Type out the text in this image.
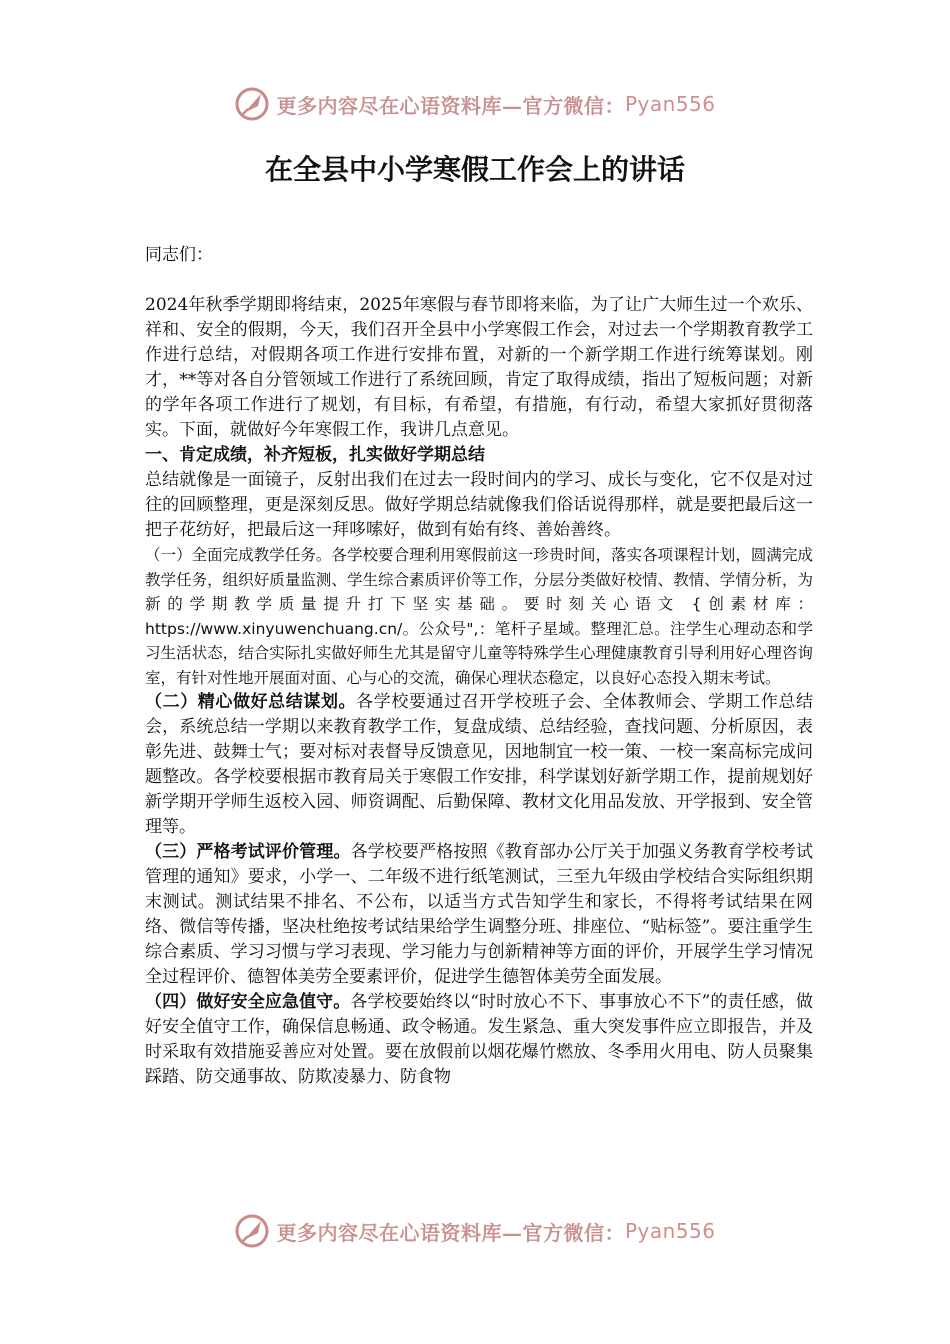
更多内容尽在心语资料库—官方微信： Pyan556
在全县中小学寒假工作会上的讲话

同志们：

2024年秋季学期即将结束，2025年寒假与春节即将来临，为了让广大师生过一个欢乐、祥和、安全的假期，今天，我们召开全县中小学寒假工作会，对过去一个学期教育教学工作进行总结，对假期各项工作进行安排布置，对新的一个新学期工作进行统筹谋划。刚才，**等对各自分管领域工作进行了系统回顾，肯定了取得成绩，指出了短板问题；对新的学年各项工作进行了规划，有目标，有希望，有措施，有行动，希望大家抓好贯彻落实。下面，就做好今年寒假工作，我讲几点意见。

一、肯定成绩，补齐短板，扎实做好学期总结

总结就像是一面镜子，反射出我们在过去一段时间内的学习、成长与变化，它不仅是对过往的回顾整理，更是深刻反思。做好学期总结就像我们俗话说得那样，就是要把最后这一把子花纺好，把最后这一拜哆嗦好，做到有始有终、善始善终。

（一）全面完成教学任务。各学校要合理利用寒假前这一珍贵时间，落实各项课程计划，圆满完成教学任务，组织好质量监测、学生综合素质评价等工作，分层分类做好校情、教情、学情分析，为新的学期教学质量提升打下坚实基础。要时刻关心语文 {创素材库：https://www.xinyuwenchuang.cn/。公众号",：笔杆子星域。整理汇总。注学生心理动态和学习生活状态，结合实际扎实做好师生尤其是留守儿童等特殊学生心理健康教育引导利用好心理咨询室，有针对性地开展面对面、心与心的交流，确保心理状态稳定，以良好心态投入期末考试。

（二）精心做好总结谋划。各学校要通过召开学校班子会、全体教师会、学期工作总结会，系统总结一学期以来教育教学工作，复盘成绩、总结经验，查找问题、分析原因，表彰先进、鼓舞士气；要对标对表督导反馈意见，因地制宜一校一策、一校一案高标完成问题整改。各学校要根据市教育局关于寒假工作安排，科学谋划好新学期工作，提前规划好新学期开学师生返校入园、师资调配、后勤保障、教材文化用品发放、开学报到、安全管理等。

（三）严格考试评价管理。各学校要严格按照《教育部办公厅关于加强义务教育学校考试管理的通知》要求，小学一、二年级不进行纸笔测试，三至九年级由学校结合实际组织期末测试。测试结果不排名、不公布，以适当方式告知学生和家长，不得将考试结果在网络、微信等传播，坚决杜绝按考试结果给学生调整分班、排座位、“贴标签”。要注重学生综合素质、学习习惯与学习表现、学习能力与创新精神等方面的评价，开展学生学习情况全过程评价、德智体美劳全要素评价，促进学生德智体美劳全面发展。

（四）做好安全应急值守。各学校要始终以“时时放心不下、事事放心不下”的责任感，做好安全值守工作，确保信息畅通、政令畅通。发生紧急、重大突发事件应立即报告，并及时采取有效措施妥善应对处置。要在放假前以烟花爆竹燃放、冬季用火用电、防人员聚集踩踏、防交通事故、防欺凌暴力、防食物

更多内容尽在心语资料库—官方微信： Pyan556
